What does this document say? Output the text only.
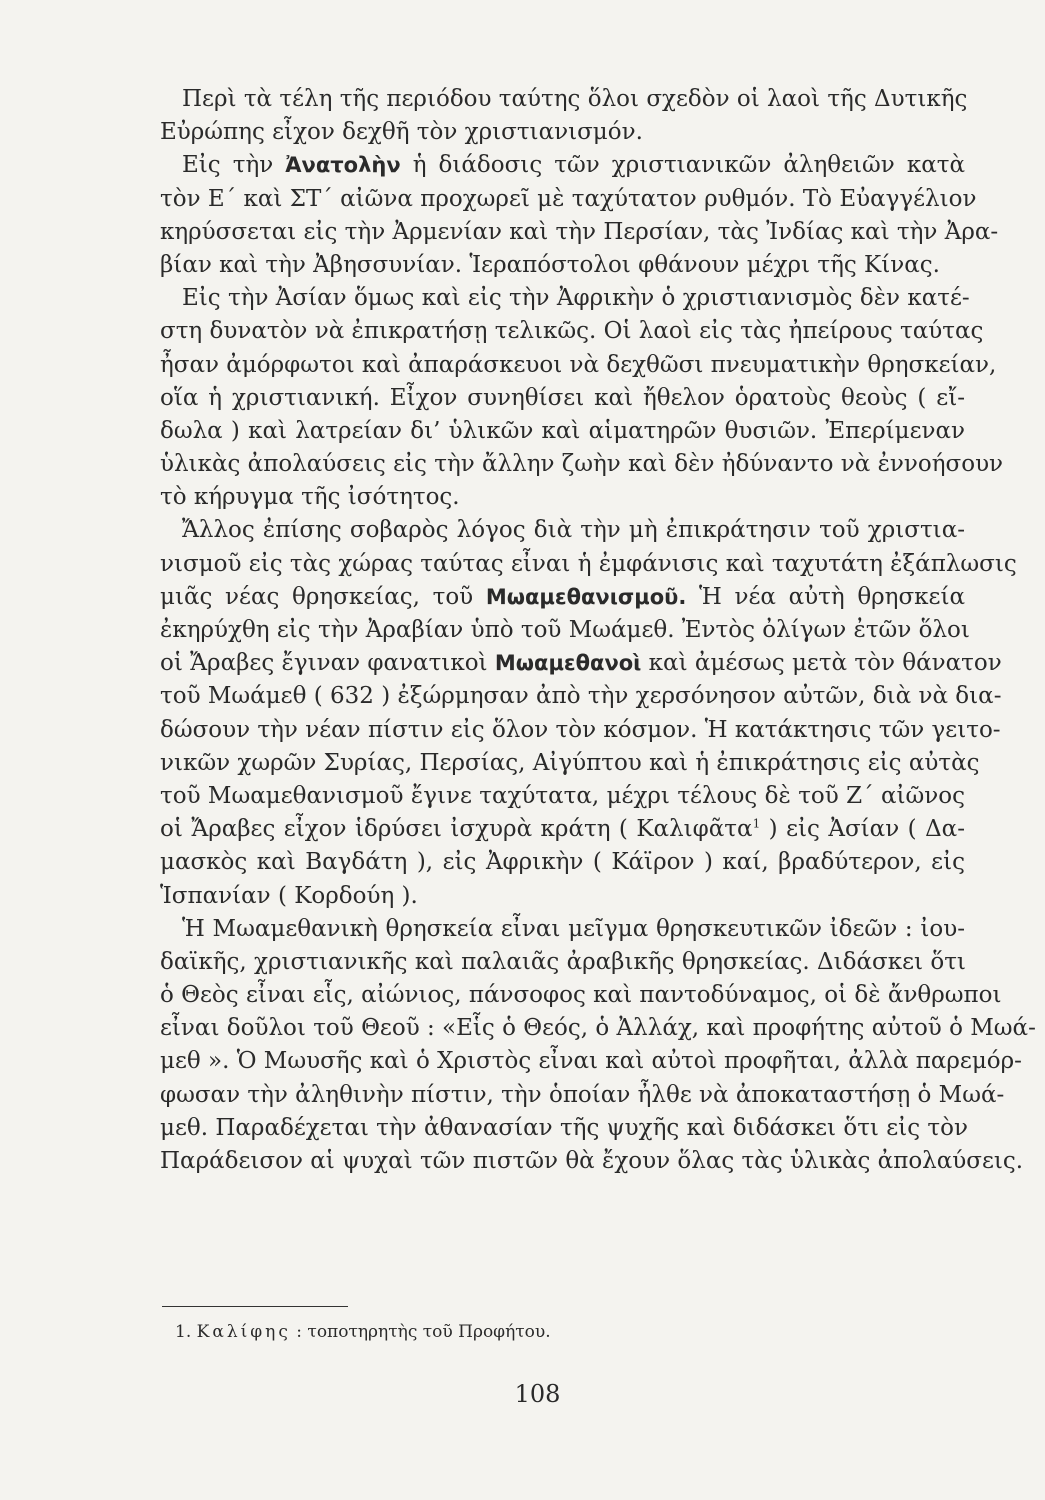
Περὶ τὰ τέλη τῆς περιόδου ταύτης ὅλοι σχεδὸν οἱ λαοὶ τῆς Δυτικῆς
Εὐρώπης εἶχον δεχθῆ τὸν χριστιανισμόν.
Εἰς τὴν Ἀνατολὴν ἡ διάδοσις τῶν χριστιανικῶν ἀληθειῶν κατὰ
τὸν Ε΄ καὶ ΣΤ΄ αἰῶνα προχωρεῖ μὲ ταχύτατον ρυθμόν. Τὸ Εὐαγγέλιον
κηρύσσεται εἰς τὴν Ἀρμενίαν καὶ τὴν Περσίαν, τὰς Ἰνδίας καὶ τὴν Ἀρα-
βίαν καὶ τὴν Ἀβησσυνίαν. Ἱεραπόστολοι φθάνουν μέχρι τῆς Κίνας.
Εἰς τὴν Ἀσίαν ὅμως καὶ εἰς τὴν Ἀφρικὴν ὁ χριστιανισμὸς δὲν κατέ-
στη δυνατὸν νὰ ἐπικρατήσῃ τελικῶς. Οἱ λαοὶ εἰς τὰς ἠπείρους ταύτας
ἦσαν ἀμόρφωτοι καὶ ἀπαράσκευοι νὰ δεχθῶσι πνευματικὴν θρησκείαν,
οἵα ἡ χριστιανική. Εἶχον συνηθίσει καὶ ἤθελον ὁρατοὺς θεοὺς ( εἴ-
δωλα ) καὶ λατρείαν δι’ ὑλικῶν καὶ αἱματηρῶν θυσιῶν. Ἐπερίμεναν
ὑλικὰς ἀπολαύσεις εἰς τὴν ἄλλην ζωὴν καὶ δὲν ἠδύναντο νὰ ἐννοήσουν
τὸ κήρυγμα τῆς ἰσότητος.
Ἄλλος ἐπίσης σοβαρὸς λόγος διὰ τὴν μὴ ἐπικράτησιν τοῦ χριστια-
νισμοῦ εἰς τὰς χώρας ταύτας εἶναι ἡ ἐμφάνισις καὶ ταχυτάτη ἐξάπλωσις
μιᾶς νέας θρησκείας, τοῦ Μωαμεθανισμοῦ. Ἡ νέα αὐτὴ θρησκεία
ἐκηρύχθη εἰς τὴν Ἀραβίαν ὑπὸ τοῦ Μωάμεθ. Ἐντὸς ὀλίγων ἐτῶν ὅλοι
οἱ Ἄραβες ἔγιναν φανατικοὶ Μωαμεθανοὶ καὶ ἀμέσως μετὰ τὸν θάνατον
τοῦ Μωάμεθ ( 632 ) ἐξώρμησαν ἀπὸ τὴν χερσόνησον αὐτῶν, διὰ νὰ δια-
δώσουν τὴν νέαν πίστιν εἰς ὅλον τὸν κόσμον. Ἡ κατάκτησις τῶν γειτο-
νικῶν χωρῶν Συρίας, Περσίας, Αἰγύπτου καὶ ἡ ἐπικράτησις εἰς αὐτὰς
τοῦ Μωαμεθανισμοῦ ἔγινε ταχύτατα, μέχρι τέλους δὲ τοῦ Ζ΄ αἰῶνος
οἱ Ἄραβες εἶχον ἱδρύσει ἰσχυρὰ κράτη ( Καλιφᾶτα$^1$ ) εἰς Ἀσίαν ( Δα-
μασκὸς καὶ Βαγδάτη ), εἰς Ἀφρικὴν ( Κάϊρον ) καί, βραδύτερον, εἰς
Ἱσπανίαν ( Κορδούη ).
Ἡ Μωαμεθανικὴ θρησκεία εἶναι μεῖγμα θρησκευτικῶν ἰδεῶν : ἰου-
δαϊκῆς, χριστιανικῆς καὶ παλαιᾶς ἀραβικῆς θρησκείας. Διδάσκει ὅτι
ὁ Θεὸς εἶναι εἷς, αἰώνιος, πάνσοφος καὶ παντοδύναμος, οἱ δὲ ἄνθρωποι
εἶναι δοῦλοι τοῦ Θεοῦ : «Εἷς ὁ Θεός, ὁ Ἀλλάχ, καὶ προφήτης αὐτοῦ ὁ Μωά-
μεθ ». Ὁ Μωυσῆς καὶ ὁ Χριστὸς εἶναι καὶ αὐτοὶ προφῆται, ἀλλὰ παρεμόρ-
φωσαν τὴν ἀληθινὴν πίστιν, τὴν ὁποίαν ἦλθε νὰ ἀποκαταστήσῃ ὁ Μωά-
μεθ. Παραδέχεται τὴν ἀθανασίαν τῆς ψυχῆς καὶ διδάσκει ὅτι εἰς τὸν
Παράδεισον αἱ ψυχαὶ τῶν πιστῶν θὰ ἔχουν ὅλας τὰς ὑλικὰς ἀπολαύσεις.
1. Καλίφης : τοποτηρητὴς τοῦ Προφήτου.
108
